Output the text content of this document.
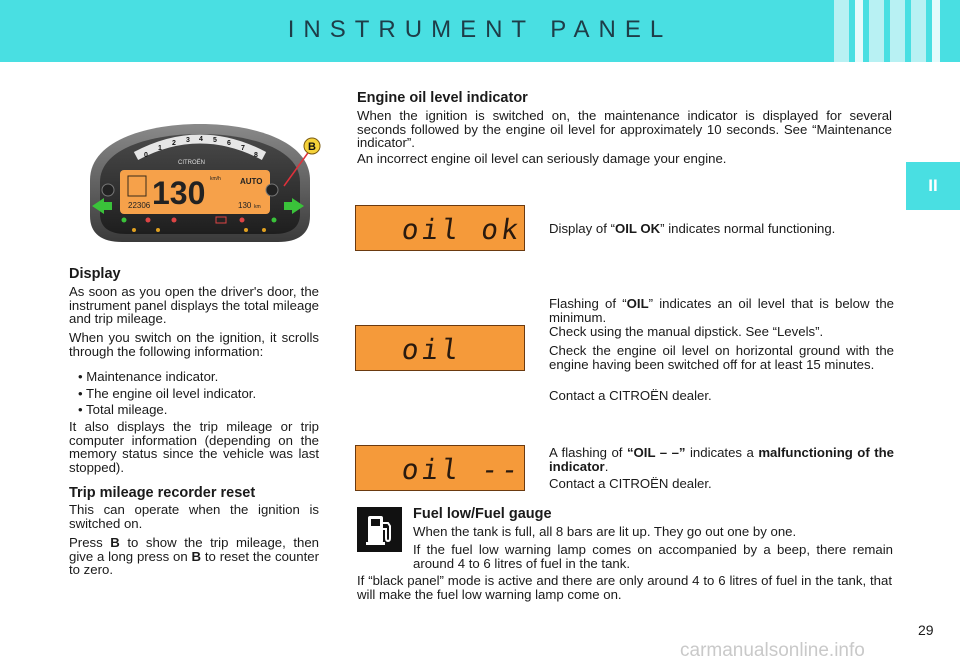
INSTRUMENT PANEL
II
0
1
2 3 4 5 6
7
8
CITROËN
130 km/h AUTO
22306	130 km
B
Display

As soon as you open the driver's door, the instrument panel displays the total mileage and trip mileage.

When you switch on the ignition, it scrolls through the following information:

• Maintenance indicator.

• The engine oil level indicator.

• Total mileage.

It also displays the trip mileage or trip computer information (depending on the memory status since the vehicle was last stopped).

Trip mileage recorder reset

This can operate when the ignition is switched on.

Press B to show the trip mileage, then give a long press on B to reset the counter to zero.

Engine oil level indicator

When the ignition is switched on, the maintenance indicator is displayed for several seconds followed by the engine oil level for approximately 10 seconds. See “Maintenance indicator”.

An incorrect engine oil level can seriously damage your engine.

oil ok Display of “OIL OK” indicates normal functioning.

Flashing of “OIL” indicates an oil level that is below the minimum.

oil

Check using the manual dipstick. See “Levels”.

Check the engine oil level on horizontal ground with the engine having been switched off for at least 15 minutes.

Contact a CITROËN dealer.

oil --

A flashing of “OIL – –” indicates a malfunctioning of the indicator.

Contact a CITROËN dealer.

Fuel low/Fuel gauge

When the tank is full, all 8 bars are lit up. They go out one by one.

If the fuel low warning lamp comes on accompanied by a beep, there remain around 4 to 6 litres of fuel in the tank.

If “black panel” mode is active and there are only around 4 to 6 litres of fuel in the tank, that will make the fuel low warning lamp come on.

29
carmanualsonline.info
